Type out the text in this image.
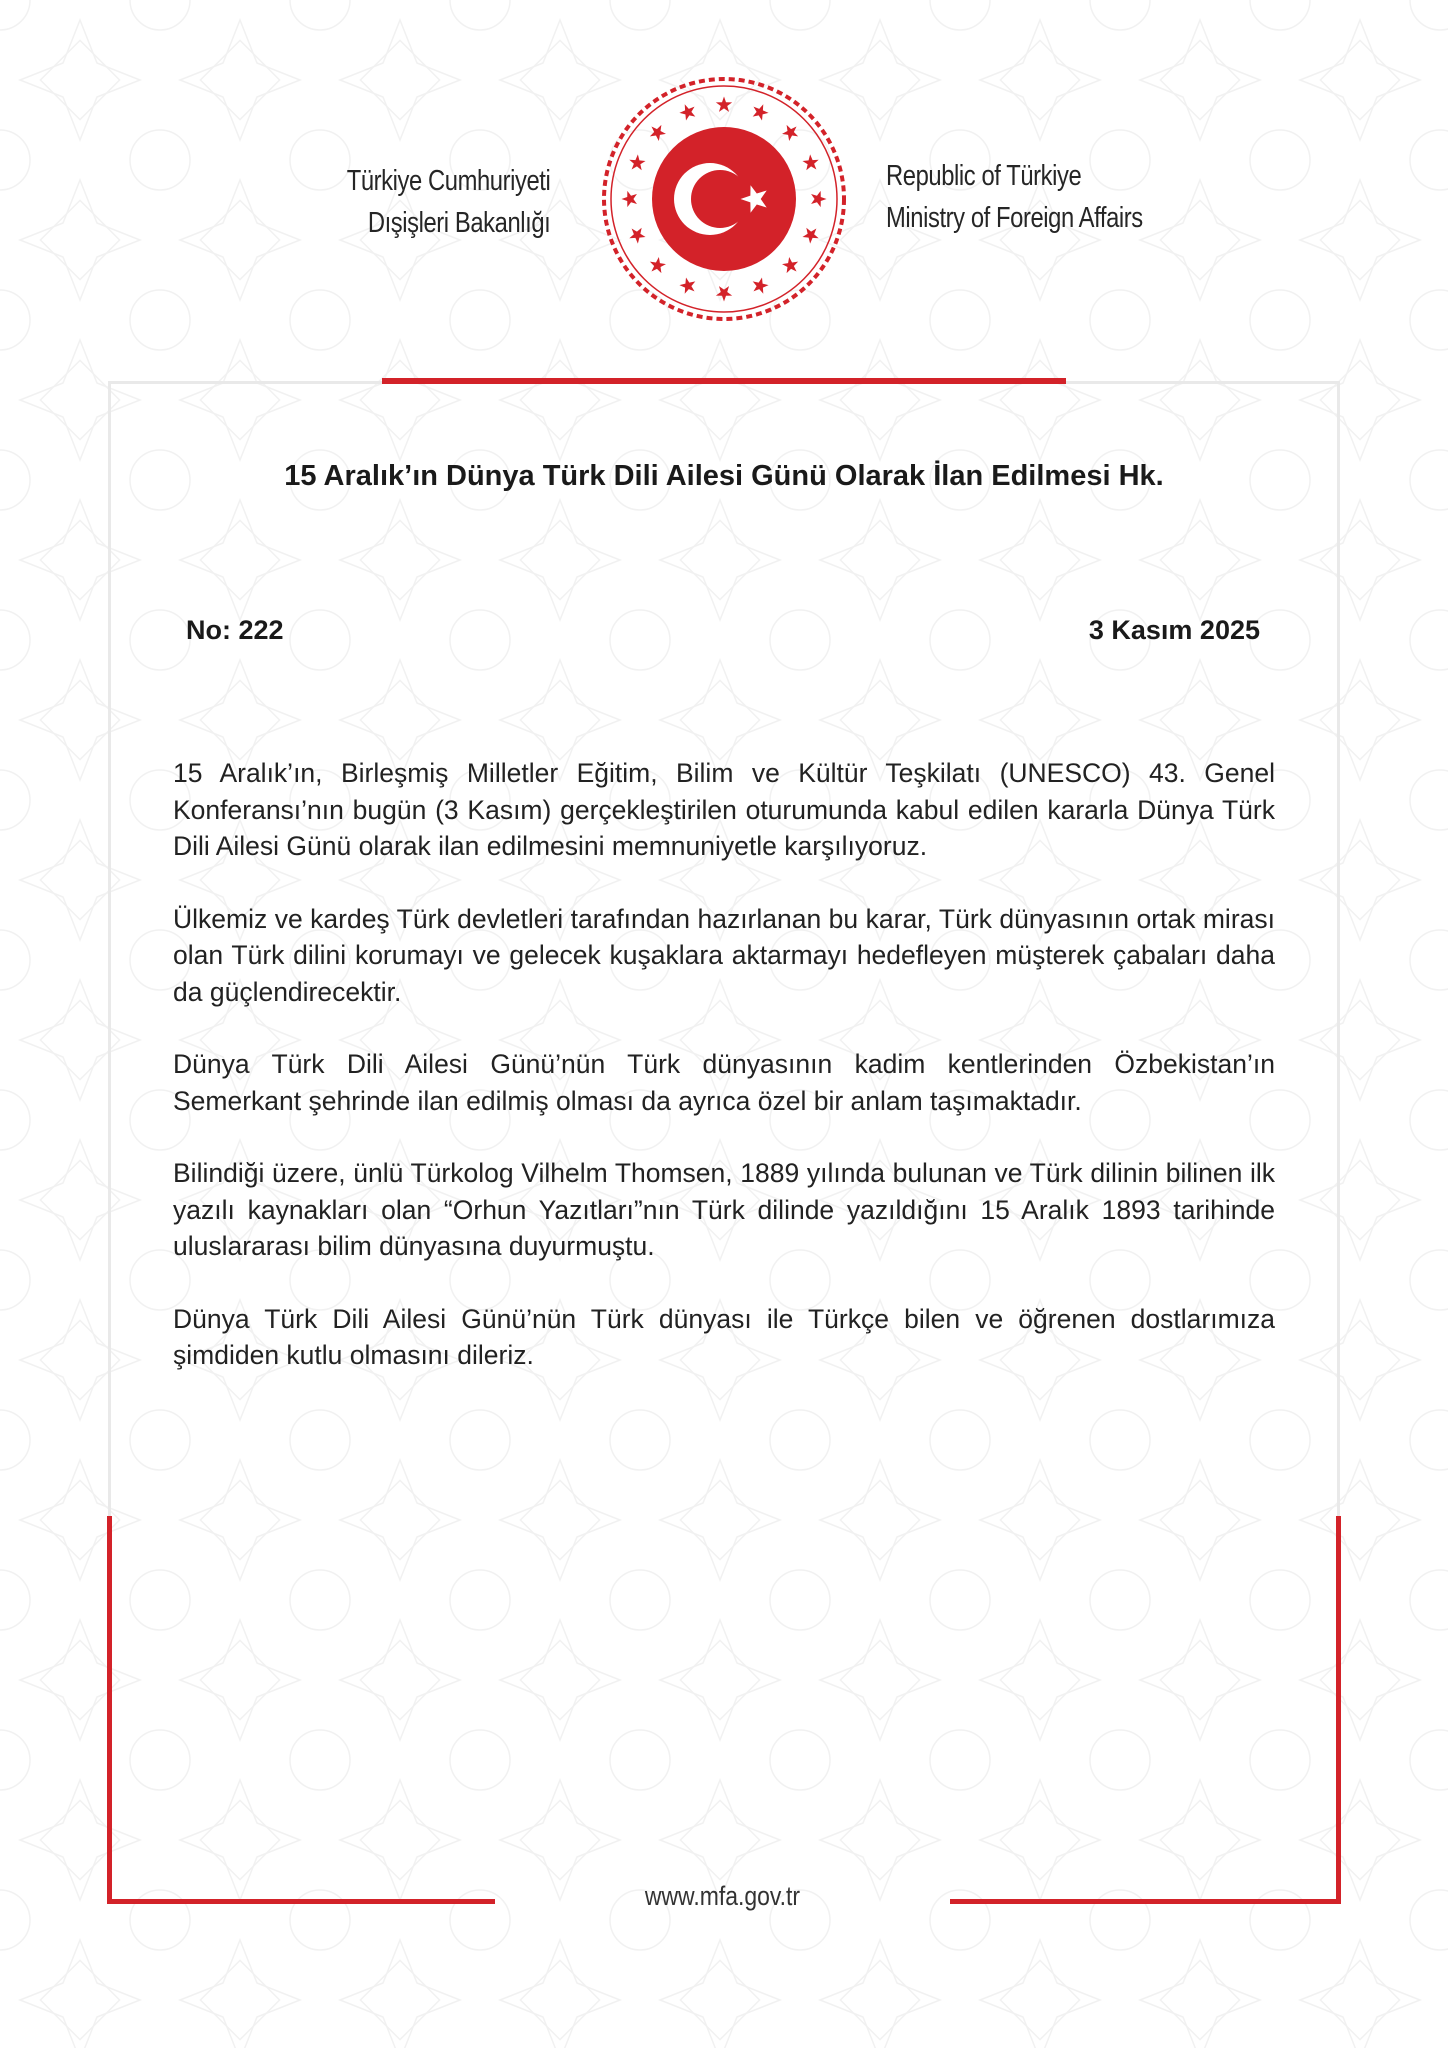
Türkiye Cumhuriyeti
Dışişleri Bakanlığı
Republic of Türkiye
Ministry of Foreign Affairs
15 Aralık’ın Dünya Türk Dili Ailesi Günü Olarak İlan Edilmesi Hk.
No: 222	3 Kasım 2025

15 Aralık’ın, Birleşmiş Milletler Eğitim, Bilim ve Kültür Teşkilatı (UNESCO) 43. Genel Konferansı’nın bugün (3 Kasım) gerçekleştirilen oturumunda kabul edilen kararla Dünya Türk Dili Ailesi Günü olarak ilan edilmesini memnuniyetle karşılıyoruz.

Ülkemiz ve kardeş Türk devletleri tarafından hazırlanan bu karar, Türk dünyasının ortak mirası olan Türk dilini korumayı ve gelecek kuşaklara aktarmayı hedefleyen müşterek çabaları daha da güçlendirecektir.

Dünya Türk Dili Ailesi Günü’nün Türk dünyasının kadim kentlerinden Özbekistan’ın Semerkant şehrinde ilan edilmiş olması da ayrıca özel bir anlam taşımaktadır.

Bilindiği üzere, ünlü Türkolog Vilhelm Thomsen, 1889 yılında bulunan ve Türk dilinin bilinen ilk yazılı kaynakları olan “Orhun Yazıtları”nın Türk dilinde yazıldığını 15 Aralık 1893 tarihinde uluslararası bilim dünyasına duyurmuştu.

Dünya Türk Dili Ailesi Günü’nün Türk dünyası ile Türkçe bilen ve öğrenen dostlarımıza şimdiden kutlu olmasını dileriz.

www.mfa.gov.tr
